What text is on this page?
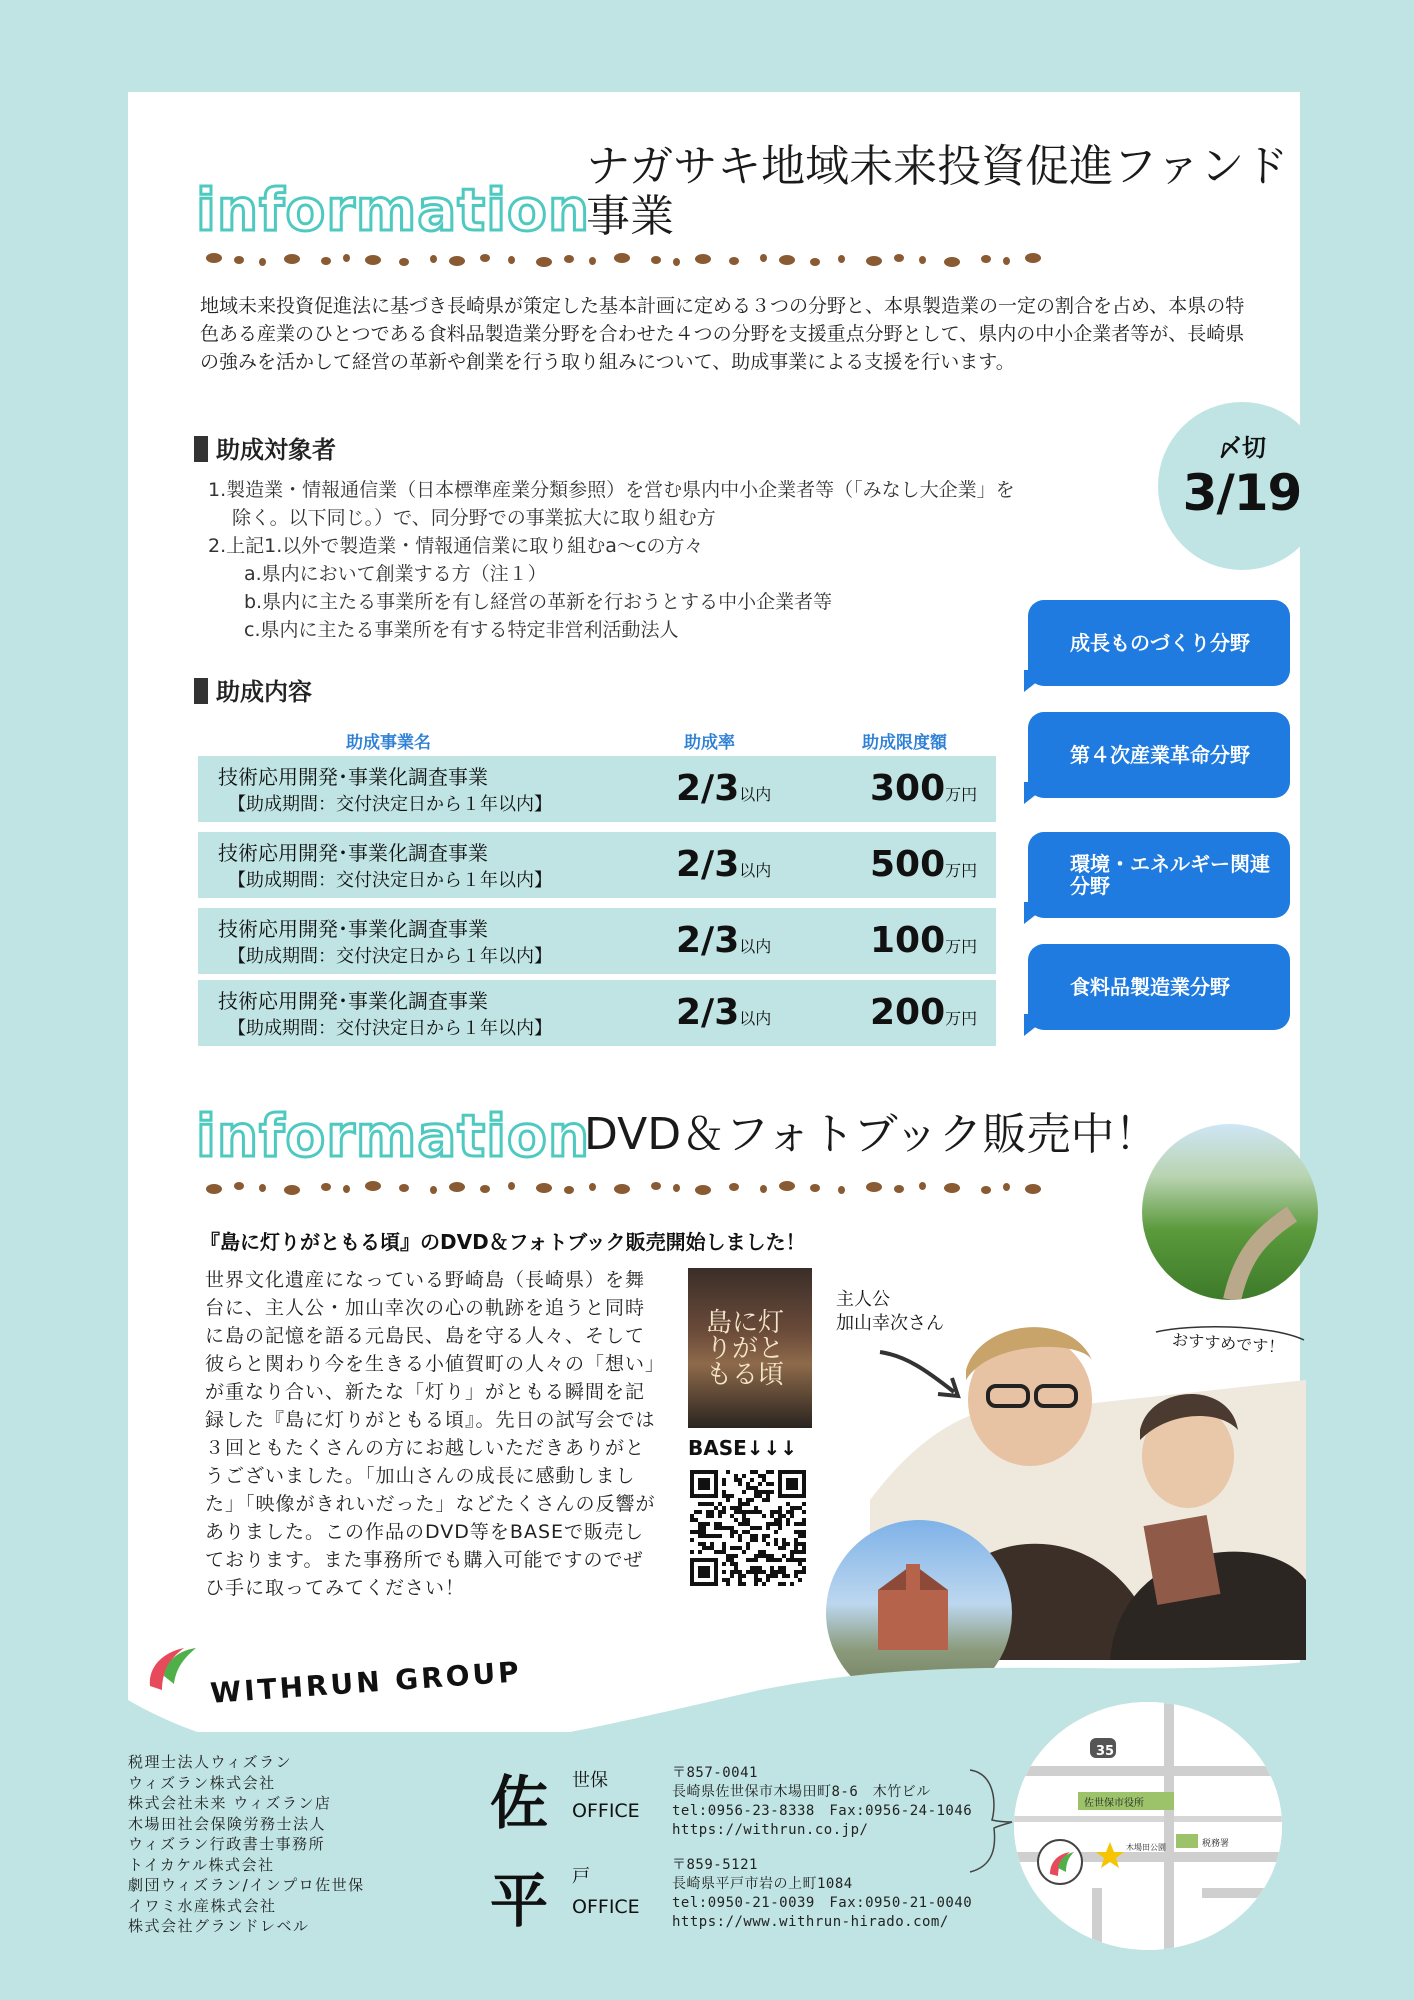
information
ナガサキ地域未来投資促進ファンド
事業
地域未来投資促進法に基づき長崎県が策定した基本計画に定める３つの分野と、本県製造業の一定の割合を占め、本県の特色ある産業のひとつである食料品製造業分野を合わせた４つの分野を支援重点分野として、県内の中小企業者等が、長崎県の強みを活かして経営の革新や創業を行う取り組みについて、助成事業による支援を行います。
助成対象者
1.製造業・情報通信業（日本標準産業分類参照）を営む県内中小企業者等（「みなし大企業」を
除く。以下同じ。）で、同分野での事業拡大に取り組む方
2.上記1.以外で製造業・情報通信業に取り組むa〜cの方々
a.県内において創業する方（注１）
b.県内に主たる事業所を有し経営の革新を行おうとする中小企業者等
c.県内に主たる事業所を有する特定非営利活動法人
〆切
3/19
成長ものづくり分野
第４次産業革命分野
環境・エネルギー関連分野
食料品製造業分野
助成内容
助成事業名	助成率	助成限度額
技術応用開発･事業化調査事業
【助成期間：交付決定日から１年以内】	2/3以内	300万円
技術応用開発･事業化調査事業
【助成期間：交付決定日から１年以内】	2/3以内	500万円
技術応用開発･事業化調査事業
【助成期間：交付決定日から１年以内】	2/3以内	100万円
技術応用開発･事業化調査事業
【助成期間：交付決定日から１年以内】	2/3以内	200万円
information
DVD＆フォトブック販売中！
『島に灯りがともる頃』のDVD＆フォトブック販売開始しました！
世界文化遺産になっている野崎島（長崎県）を舞台に、主人公・加山幸次の心の軌跡を追うと同時に島の記憶を語る元島民、島を守る人々、そして彼らと関わり今を生きる小値賀町の人々の「想い」が重なり合い、新たな「灯り」がともる瞬間を記録した『島に灯りがともる頃』。先日の試写会では３回ともたくさんの方にお越しいただきありがとうございました。「加山さんの成長に感動しました」「映像がきれいだった」などたくさんの反響がありました。この作品のDVD等をBASEで販売しております。また事務所でも購入可能ですのでぜひ手に取ってみてください！
島に灯りがともる頃
BASE↓↓↓
主人公
加山幸次さん
おすすめです！
WITHRUN GROUP
税理士法人ウィズラン
ウィズラン株式会社
株式会社未来 ウィズラン店
木場田社会保険労務士法人
ウィズラン行政書士事務所
トイカケル株式会社
劇団ウィズラン/インプロ佐世保
イワミ水産株式会社
株式会社グランドレベル
佐 世保
OFFICE
〒857-0041
長崎県佐世保市木場田町8-6　木竹ビル
tel:0956-23-8338　Fax:0956-24-1046
https://withrun.co.jp/
平 戸
OFFICE
〒859-5121
長崎県平戸市岩の上町1084
tel:0950-21-0039　Fax:0950-21-0040
https://www.withrun-hirado.com/
35
佐世保市役所
木場田公園	税務署
